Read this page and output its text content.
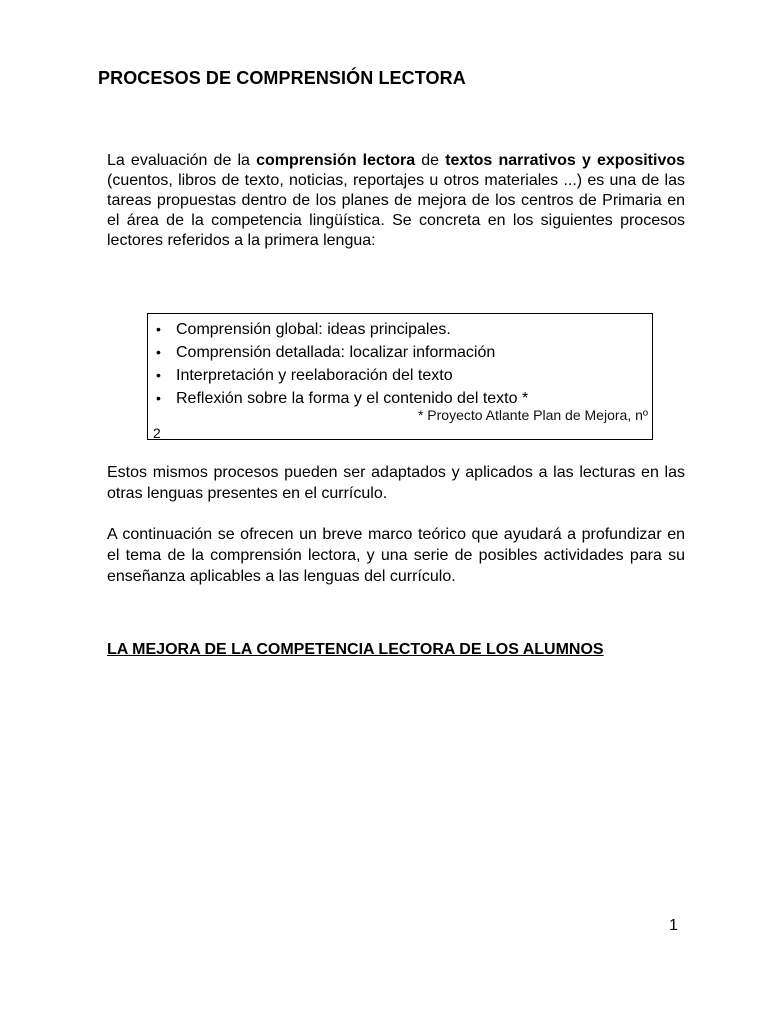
PROCESOS DE COMPRENSIÓN LECTORA
La evaluación de la comprensión lectora de textos narrativos y expositivos (cuentos, libros de texto, noticias, reportajes u otros materiales ...) es una de las tareas propuestas dentro de los planes de mejora de los centros de Primaria en el área de la competencia lingüística. Se concreta en los siguientes procesos lectores referidos a la primera lengua:
• Comprensión global: ideas principales.
• Comprensión detallada: localizar información
• Interpretación y reelaboración del texto
• Reflexión sobre la forma y el contenido del texto *
* Proyecto Atlante Plan de Mejora, nº
2
Estos mismos procesos pueden ser adaptados y aplicados a las lecturas en las otras lenguas presentes en el currículo.
A continuación se ofrecen un breve marco teórico que ayudará a profundizar en el tema de la comprensión lectora, y una serie de posibles actividades para su enseñanza aplicables a las lenguas del currículo.
LA MEJORA DE LA COMPETENCIA LECTORA DE LOS ALUMNOS
1
